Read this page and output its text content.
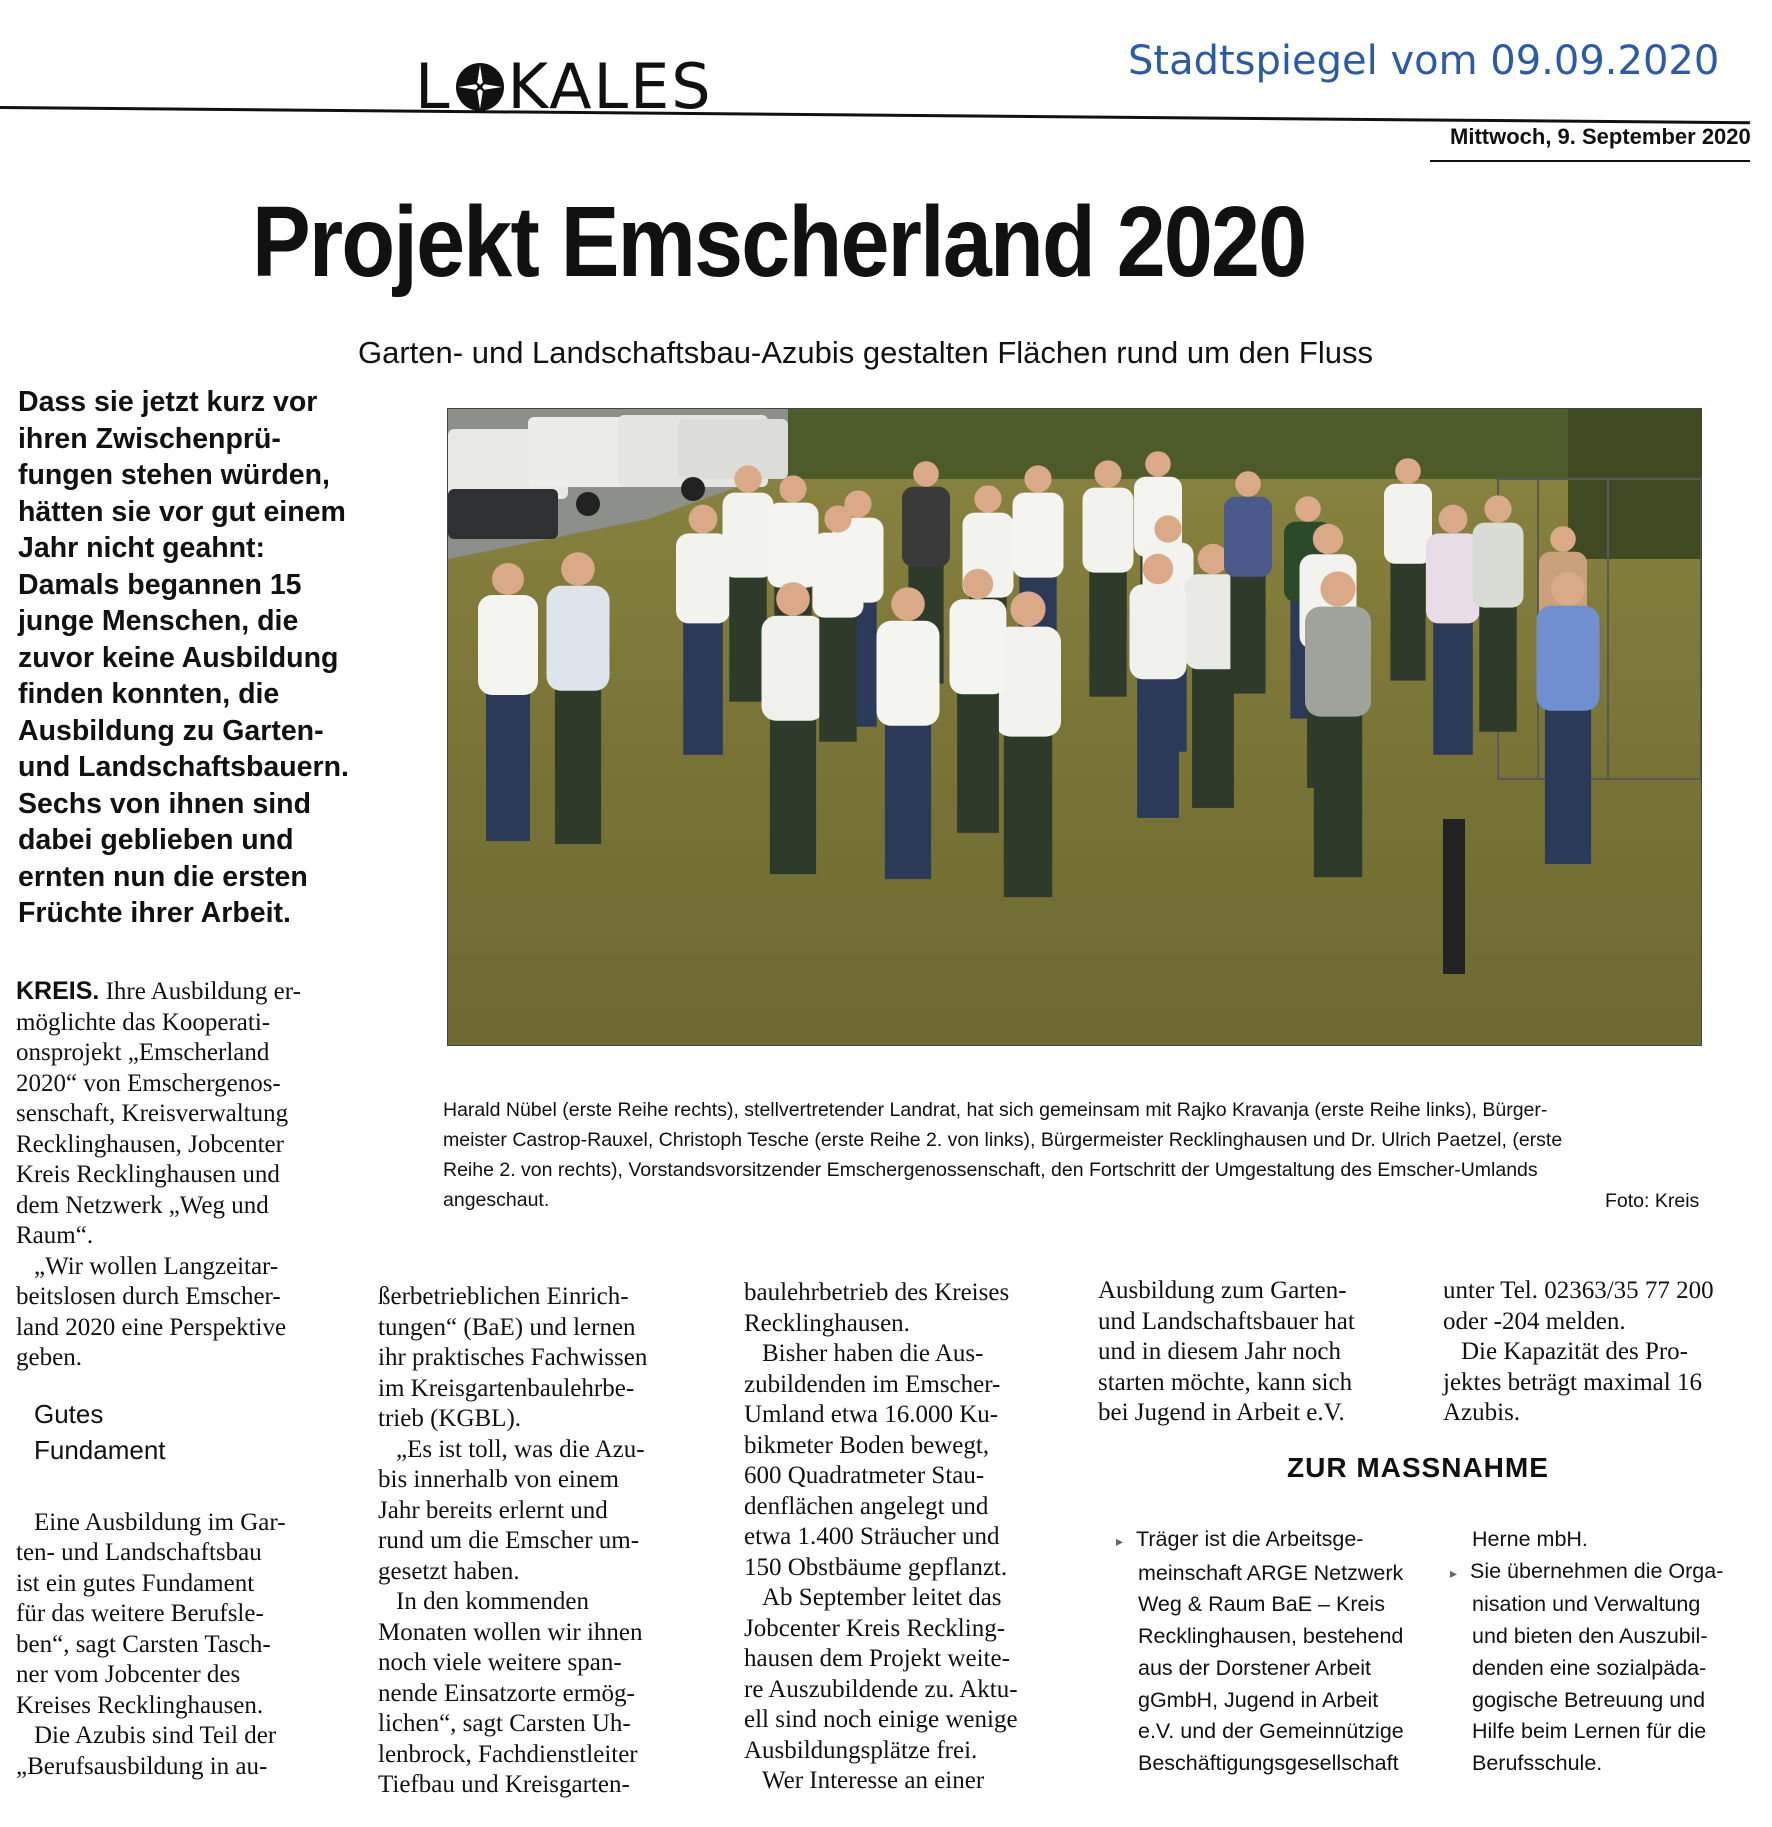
L KALES	Stadtspiegel vom 09.09.2020
Mittwoch, 9. September 2020
Projekt Emscherland 2020
Garten- und Landschaftsbau-Azubis gestalten Flächen rund um den Fluss
Dass sie jetzt kurz vor
ihren Zwischenprü-
fungen stehen würden,
hätten sie vor gut einem
Jahr nicht geahnt:
Damals begannen 15
junge Menschen, die
zuvor keine Ausbildung
finden konnten, die
Ausbildung zu Garten-
und Landschaftsbauern.
Sechs von ihnen sind
dabei geblieben und
ernten nun die ersten
Früchte ihrer Arbeit.
Harald Nübel (erste Reihe rechts), stellvertretender Landrat, hat sich gemeinsam mit Rajko Kravanja (erste Reihe links), Bürger-
meister Castrop-Rauxel, Christoph Tesche (erste Reihe 2. von links), Bürgermeister Recklinghausen und Dr. Ulrich Paetzel, (erste
Reihe 2. von rechts), Vorstandsvorsitzender Emschergenossenschaft, den Fortschritt der Umgestaltung des Emscher-Umlands
angeschaut.	Foto: Kreis
KREIS. Ihre Ausbildung er-
möglichte das Kooperati-
onsprojekt „Emscherland
2020“ von Emschergenos-
senschaft, Kreisverwaltung
Recklinghausen, Jobcenter
Kreis Recklinghausen und
dem Netzwerk „Weg und
Raum“.
„Wir wollen Langzeitar-
beitslosen durch Emscher-
land 2020 eine Perspektive
geben.
Gutes
Fundament
Eine Ausbildung im Gar-
ten- und Landschaftsbau
ist ein gutes Fundament
für das weitere Berufsle-
ben“, sagt Carsten Tasch-
ner vom Jobcenter des
Kreises Recklinghausen.
Die Azubis sind Teil der
„Berufsausbildung in au-
ßerbetrieblichen Einrich-
tungen“ (BaE) und lernen
ihr praktisches Fachwissen
im Kreisgartenbaulehrbe-
trieb (KGBL).
„Es ist toll, was die Azu-
bis innerhalb von einem
Jahr bereits erlernt und
rund um die Emscher um-
gesetzt haben.
In den kommenden
Monaten wollen wir ihnen
noch viele weitere span-
nende Einsatzorte ermög-
lichen“, sagt Carsten Uh-
lenbrock, Fachdienstleiter
Tiefbau und Kreisgarten-
baulehrbetrieb des Kreises
Recklinghausen.
Bisher haben die Aus-
zubildenden im Emscher-
Umland etwa 16.000 Ku-
bikmeter Boden bewegt,
600 Quadratmeter Stau-
denflächen angelegt und
etwa 1.400 Sträucher und
150 Obstbäume gepflanzt.
Ab September leitet das
Jobcenter Kreis Reckling-
hausen dem Projekt weite-
re Auszubildende zu. Aktu-
ell sind noch einige wenige
Ausbildungsplätze frei.
Wer Interesse an einer
Ausbildung zum Garten-
und Landschaftsbauer hat
und in diesem Jahr noch
starten möchte, kann sich
bei Jugend in Arbeit e.V.
unter Tel. 02363/35 77 200
oder -204 melden.
Die Kapazität des Pro-
jektes beträgt maximal 16
Azubis.
ZUR MASSNAHME
▸ Träger ist die Arbeitsge-
meinschaft ARGE Netzwerk
Weg & Raum BaE – Kreis
Recklinghausen, bestehend
aus der Dorstener Arbeit
gGmbH, Jugend in Arbeit
e.V. und der Gemeinnützige
Beschäftigungsgesellschaft
Herne mbH.
▸ Sie übernehmen die Orga-
nisation und Verwaltung
und bieten den Auszubil-
denden eine sozialpäda-
gogische Betreuung und
Hilfe beim Lernen für die
Berufsschule.
